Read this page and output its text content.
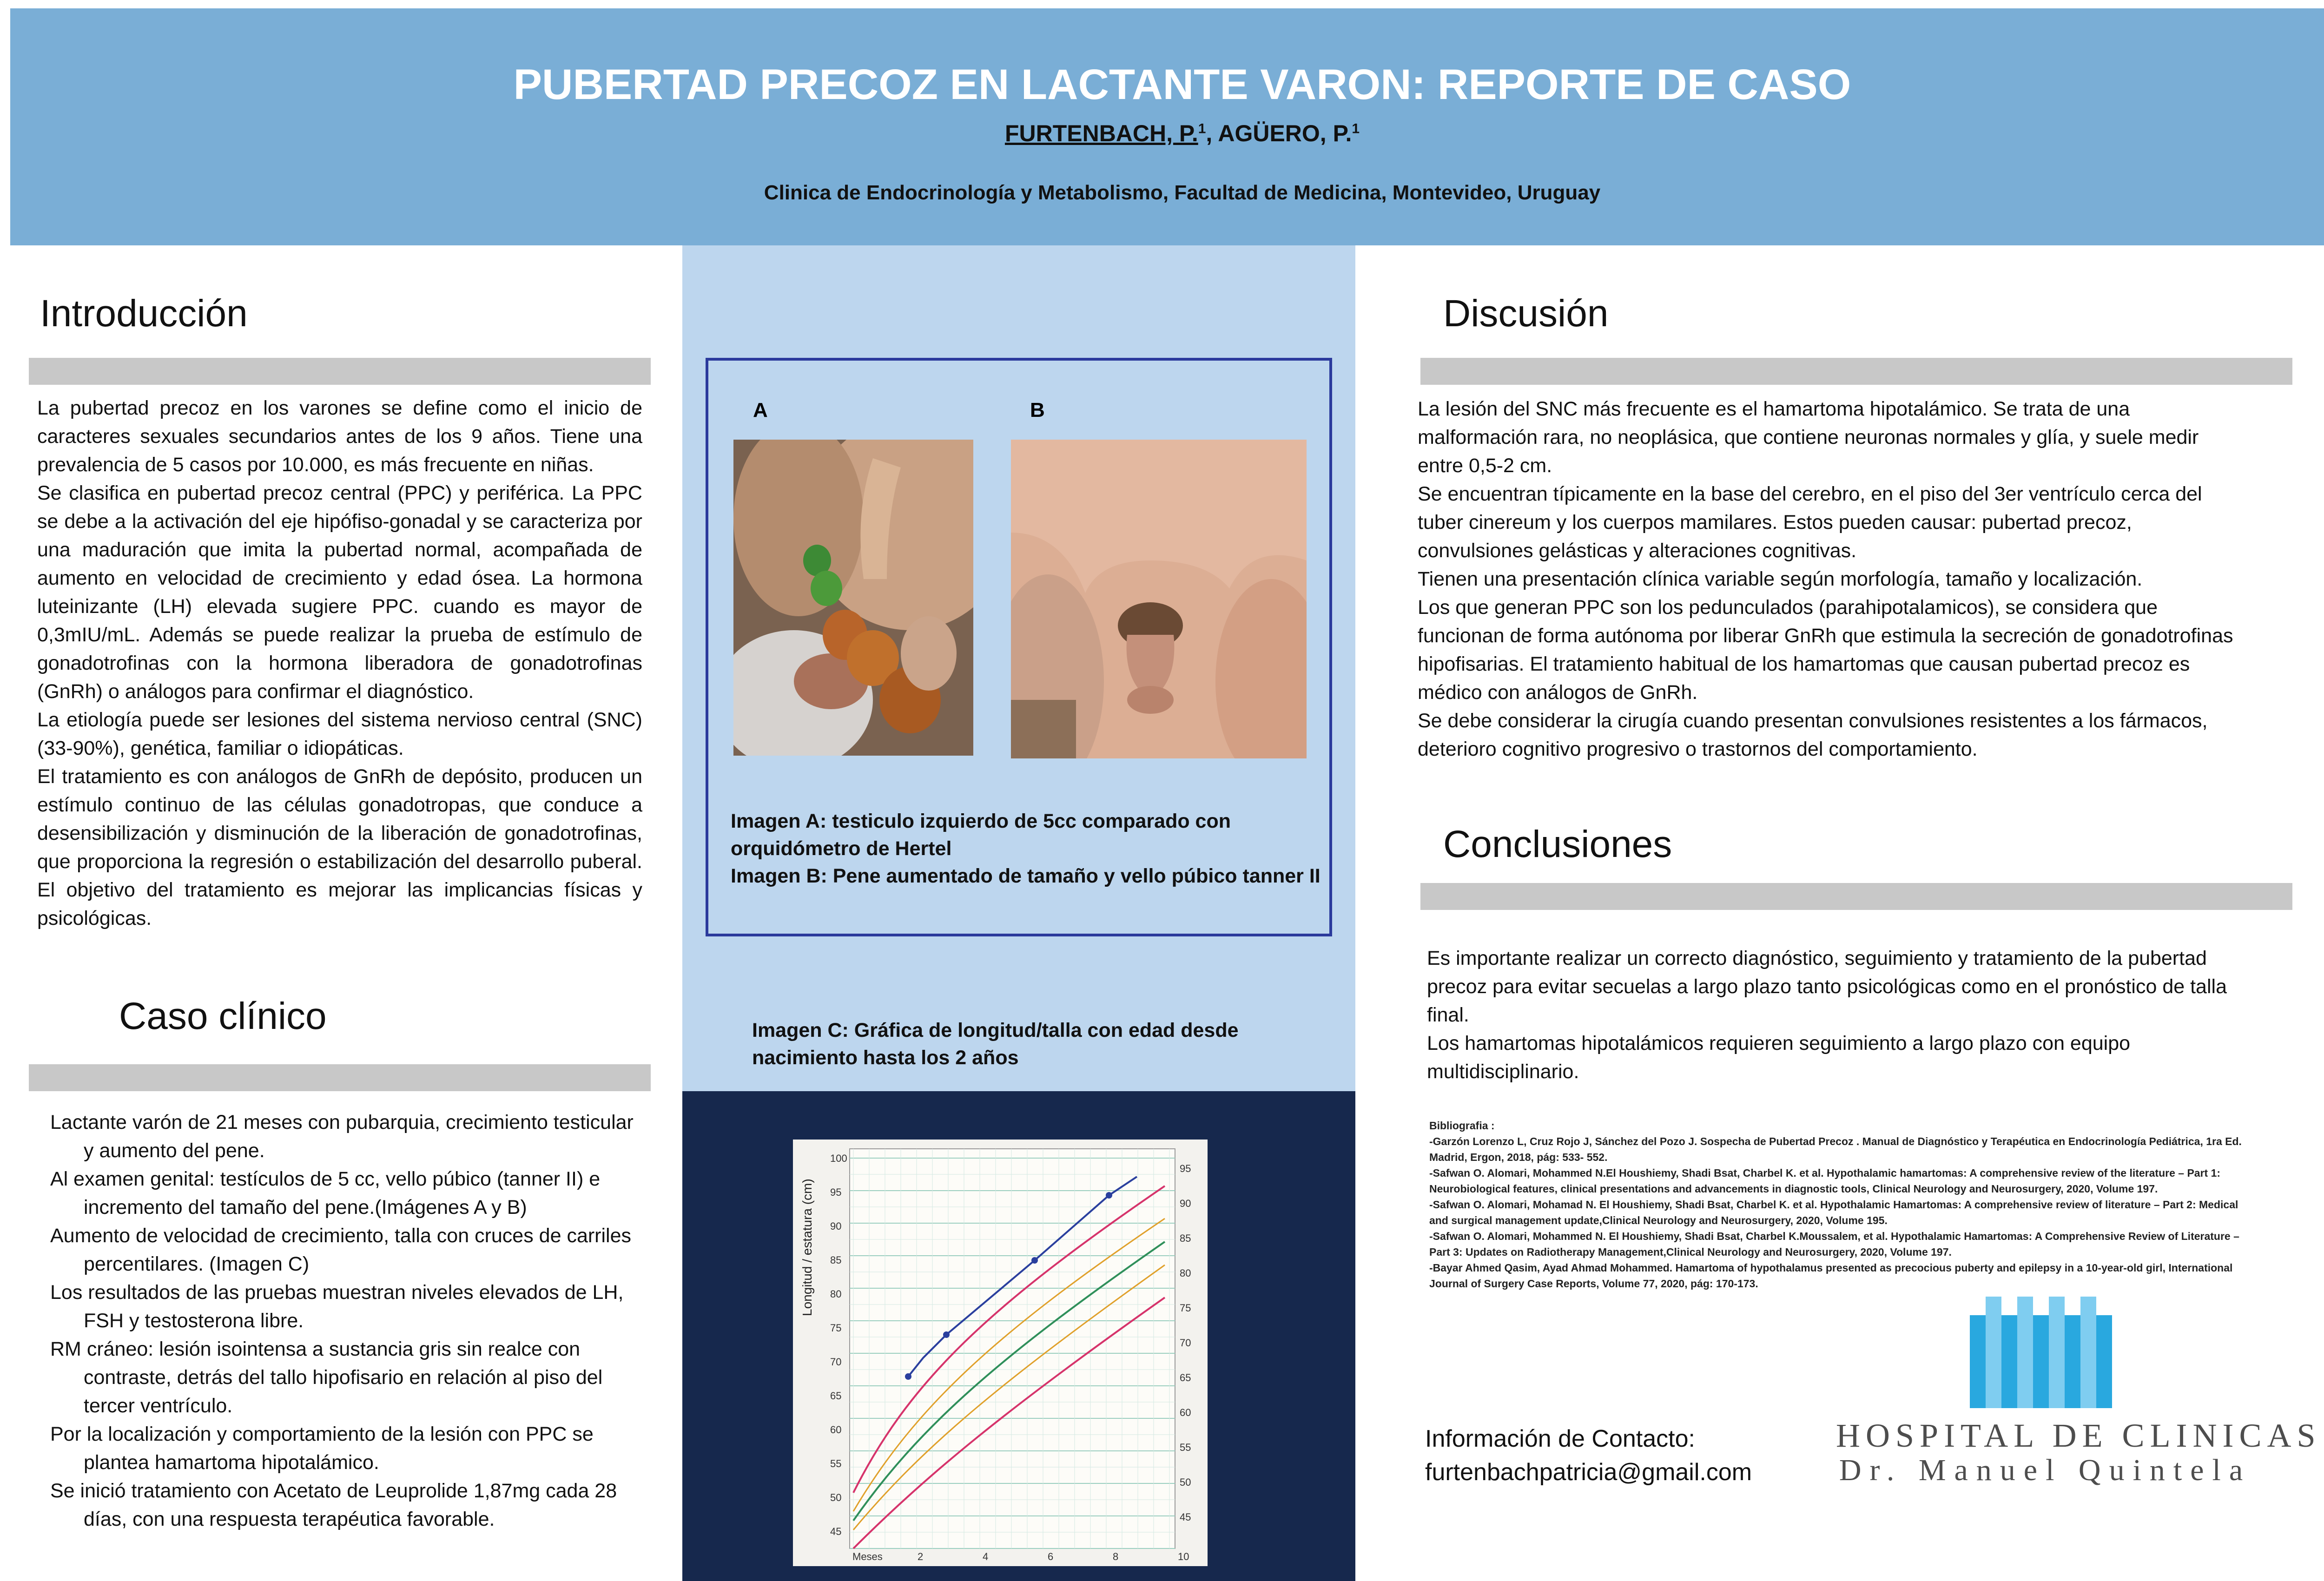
PUBERTAD PRECOZ EN LACTANTE VARON: REPORTE DE CASO
FURTENBACH, P.$^1$, AGÜERO, P.$^1$
Clinica de Endocrinología y Metabolismo, Facultad de Medicina, Montevideo, Uruguay
Introducción

La pubertad precoz en los varones se define como el inicio de caracteres sexuales secundarios antes de los 9 años. Tiene una prevalencia de 5 casos por 10.000, es más frecuente en niñas.

Se clasifica en pubertad precoz central (PPC) y periférica. La PPC se debe a la activación del eje hipófiso-gonadal y se caracteriza por una maduración que imita la pubertad normal, acompañada de aumento en velocidad de crecimiento y edad ósea. La hormona luteinizante (LH) elevada sugiere PPC. cuando es mayor de 0,3mIU/mL. Además se puede realizar la prueba de estímulo de gonadotrofinas con la hormona liberadora de gonadotrofinas (GnRh) o análogos para confirmar el diagnóstico.

La etiología puede ser lesiones del sistema nervioso central (SNC) (33-90%), genética, familiar o idiopáticas.

El tratamiento es con análogos de GnRh de depósito, producen un estímulo continuo de las células gonadotropas, que conduce a desensibilización y disminución de la liberación de gonadotrofinas, que proporciona la regresión o estabilización del desarrollo puberal. El objetivo del tratamiento es mejorar las implicancias físicas y psicológicas.

Caso clínico

Lactante varón de 21 meses con pubarquia, crecimiento testicular y aumento del pene.

Al examen genital: testículos de 5 cc, vello púbico (tanner II) e incremento del tamaño del pene.(Imágenes A y B)

Aumento de velocidad de crecimiento, talla con cruces de carriles percentilares. (Imagen C)

Los resultados de las pruebas muestran niveles elevados de LH, FSH y testosterona libre.

RM cráneo: lesión isointensa a sustancia gris sin realce con contraste, detrás del tallo hipofisario en relación al piso del tercer ventrículo.

Por la localización y comportamiento de la lesión con PPC se plantea hamartoma hipotalámico.

Se inició tratamiento con Acetato de Leuprolide 1,87mg cada 28 días, con una respuesta terapéutica favorable.

A	B
Imagen A: testiculo izquierdo de 5cc comparado con orquidómetro de Hertel
Imagen B: Pene aumentado de tamaño y vello púbico tanner II
Imagen C: Gráfica de longitud/talla con edad desde nacimiento hasta los 2 años
Longitud / estatura (cm)
100
95
90
85
80
75
70
65
60
55
50
45
95
90
85
80
75
70
65
60
55
50
45
Meses	2	4	6	8	10
Discusión

La lesión del SNC más frecuente es el hamartoma hipotalámico. Se trata de una malformación rara, no neoplásica, que contiene neuronas normales y glía, y suele medir entre 0,5-2 cm.

Se encuentran típicamente en la base del cerebro, en el piso del 3er ventrículo cerca del tuber cinereum y los cuerpos mamilares. Estos pueden causar: pubertad precoz, convulsiones gelásticas y alteraciones cognitivas.

Tienen una presentación clínica variable según morfología, tamaño y localización.

Los que generan PPC son los pedunculados (parahipotalamicos), se considera que funcionan de forma autónoma por liberar GnRh que estimula la secreción de gonadotrofinas hipofisarias. El tratamiento habitual de los hamartomas que causan pubertad precoz es médico con análogos de GnRh.

Se debe considerar la cirugía cuando presentan convulsiones resistentes a los fármacos, deterioro cognitivo progresivo o trastornos del comportamiento.

Conclusiones

Es importante realizar un correcto diagnóstico, seguimiento y tratamiento de la pubertad precoz para evitar secuelas a largo plazo tanto psicológicas como en el pronóstico de talla final.

Los hamartomas hipotalámicos requieren seguimiento a largo plazo con equipo multidisciplinario.

Bibliografia :

-Garzón Lorenzo L, Cruz Rojo J, Sánchez del Pozo J. Sospecha de Pubertad Precoz . Manual de Diagnóstico y Terapéutica en Endocrinología Pediátrica, 1ra Ed. Madrid, Ergon, 2018, pág: 533- 552.

-Safwan O. Alomari, Mohammed N.El Houshiemy, Shadi Bsat, Charbel K. et al. Hypothalamic hamartomas: A comprehensive review of the literature – Part 1: Neurobiological features, clinical presentations and advancements in diagnostic tools, Clinical Neurology and Neurosurgery, 2020, Volume 197.

-Safwan O. Alomari, Mohamad N. El Houshiemy, Shadi Bsat, Charbel K. et al. Hypothalamic Hamartomas: A comprehensive review of literature – Part 2: Medical and surgical management update,Clinical Neurology and Neurosurgery, 2020, Volume 195.

-Safwan O. Alomari, Mohammed N. El Houshiemy, Shadi Bsat, Charbel K.Moussalem, et al. Hypothalamic Hamartomas: A Comprehensive Review of Literature – Part 3: Updates on Radiotherapy Management,Clinical Neurology and Neurosurgery, 2020, Volume 197.

-Bayar Ahmed Qasim, Ayad Ahmad Mohammed. Hamartoma of hypothalamus presented as precocious puberty and epilepsy in a 10-year-old girl, International Journal of Surgery Case Reports, Volume 77, 2020, pág: 170-173.

Información de Contacto:
furtenbachpatricia@gmail.com
HOSPITAL DE CLINICAS
Dr. Manuel Quintela
